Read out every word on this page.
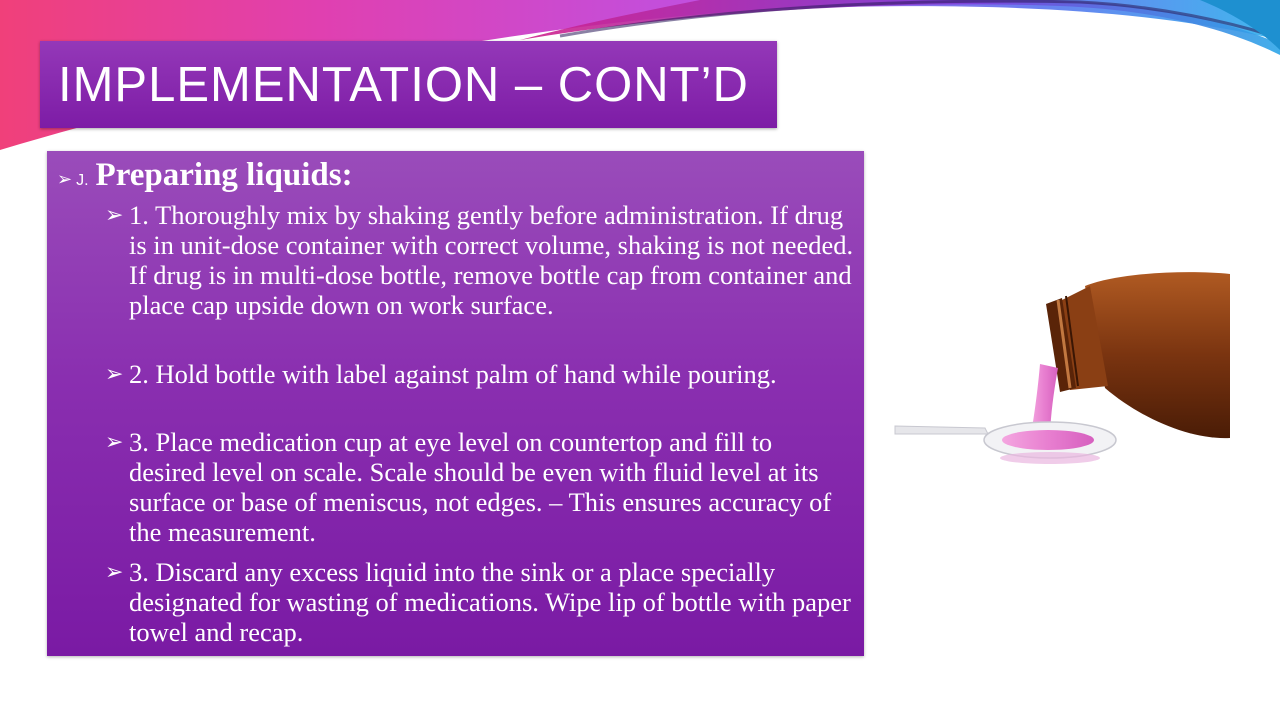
IMPLEMENTATION – CONT’D
➢ J. Preparing liquids:
➢ 1. Thoroughly mix by shaking gently before administration. If drug is in unit-dose container with correct volume, shaking is not needed. If drug is in multi-dose bottle, remove bottle cap from container and place cap upside down on work surface.
➢ 2. Hold bottle with label against palm of hand while pouring.
➢ 3. Place medication cup at eye level on countertop and fill to desired level on scale. Scale should be even with fluid level at its surface or base of meniscus, not edges. – This ensures accuracy of the measurement.
➢ 3. Discard any excess liquid into the sink or a place specially designated for wasting of medications. Wipe lip of bottle with paper towel and recap.
